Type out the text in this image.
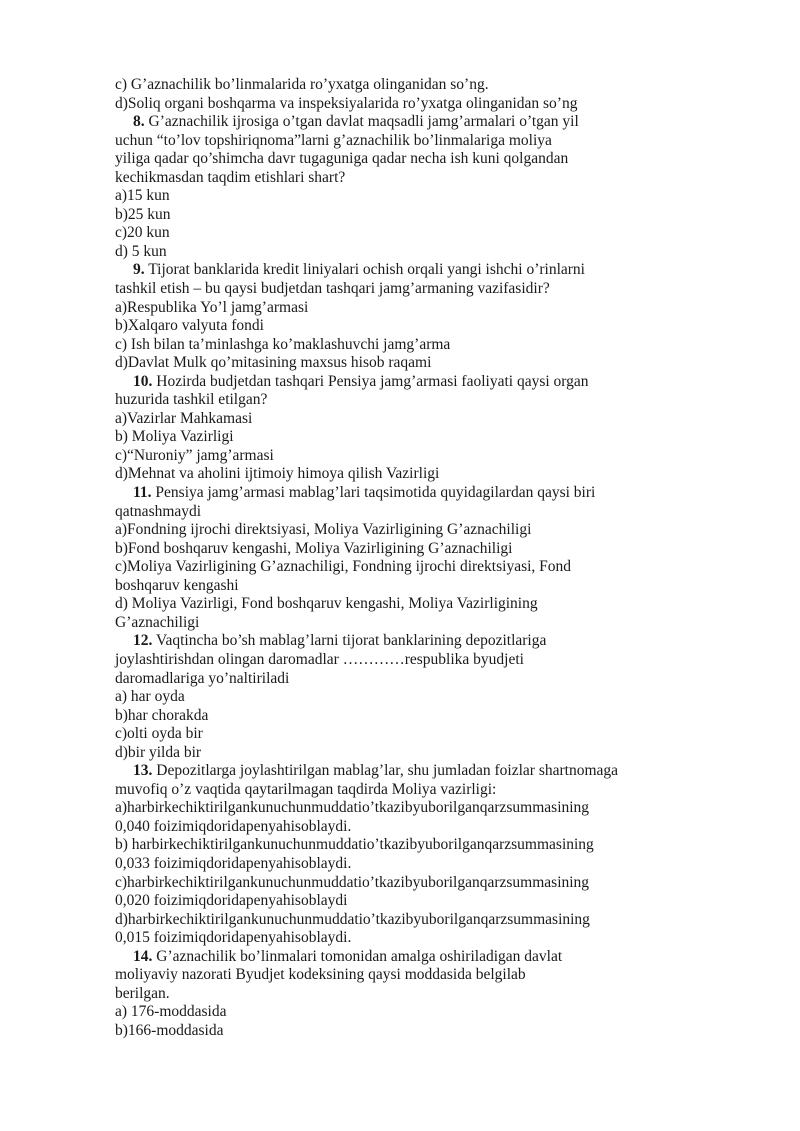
c) G’aznachilik bo’linmalarida ro’yxatga olinganidan so’ng.
d)Soliq organi boshqarma va inspeksiyalarida ro’yxatga olinganidan so’ng
8. G’aznachilik ijrosiga o’tgan davlat maqsadli jamg’armalari o’tgan yil
uchun “to’lov topshiriqnoma”larni g’aznachilik bo’linmalariga moliya
yiliga qadar qo’shimcha davr tugaguniga qadar necha ish kuni qolgandan
kechikmasdan taqdim etishlari shart?
a)15 kun
b)25 kun
c)20 kun
d) 5 kun
9. Tijorat banklarida kredit liniyalari ochish orqali yangi ishchi o’rinlarni
tashkil etish – bu qaysi budjetdan tashqari jamg’armaning vazifasidir?
a)Respublika Yo’l jamg’armasi
b)Xalqaro valyuta fondi
c) Ish bilan ta’minlashga ko’maklashuvchi jamg’arma
d)Davlat Mulk qo’mitasining maxsus hisob raqami
10. Hozirda budjetdan tashqari Pensiya jamg’armasi faoliyati qaysi organ
huzurida tashkil etilgan?
a)Vazirlar Mahkamasi
b) Moliya Vazirligi
c)“Nuroniy” jamg’armasi
d)Mehnat va aholini ijtimoiy himoya qilish Vazirligi
11. Pensiya jamg’armasi mablag’lari taqsimotida quyidagilardan qaysi biri
qatnashmaydi
a)Fondning ijrochi direktsiyasi, Moliya Vazirligining G’aznachiligi
b)Fond boshqaruv kengashi, Moliya Vazirligining G’aznachiligi
c)Moliya Vazirligining G’aznachiligi, Fondning ijrochi direktsiyasi, Fond
boshqaruv kengashi
d) Moliya Vazirligi, Fond boshqaruv kengashi, Moliya Vazirligining
G’aznachiligi
12. Vaqtincha bo’sh mablag’larni tijorat banklarining depozitlariga
joylashtirishdan olingan daromadlar …………respublika byudjeti
daromadlariga yo’naltiriladi
a) har oyda
b)har chorakda
c)olti oyda bir
d)bir yilda bir
13. Depozitlarga joylashtirilgan mablag’lar, shu jumladan foizlar shartnomaga
muvofiq o’z vaqtida qaytarilmagan taqdirda Moliya vazirligi:
a)harbirkechiktirilgankunuchunmuddatio’tkazibyuborilganqarzsummasining
0,040 foizimiqdoridapenyahisoblaydi.
b) harbirkechiktirilgankunuchunmuddatio’tkazibyuborilganqarzsummasining
0,033 foizimiqdoridapenyahisoblaydi.
c)harbirkechiktirilgankunuchunmuddatio’tkazibyuborilganqarzsummasining
0,020 foizimiqdoridapenyahisoblaydi
d)harbirkechiktirilgankunuchunmuddatio’tkazibyuborilganqarzsummasining
0,015 foizimiqdoridapenyahisoblaydi.
14. G’aznachilik bo’linmalari tomonidan amalga oshiriladigan davlat
moliyaviy nazorati Byudjet kodeksining qaysi moddasida belgilab
berilgan.
a) 176-moddasida
b)166-moddasida
